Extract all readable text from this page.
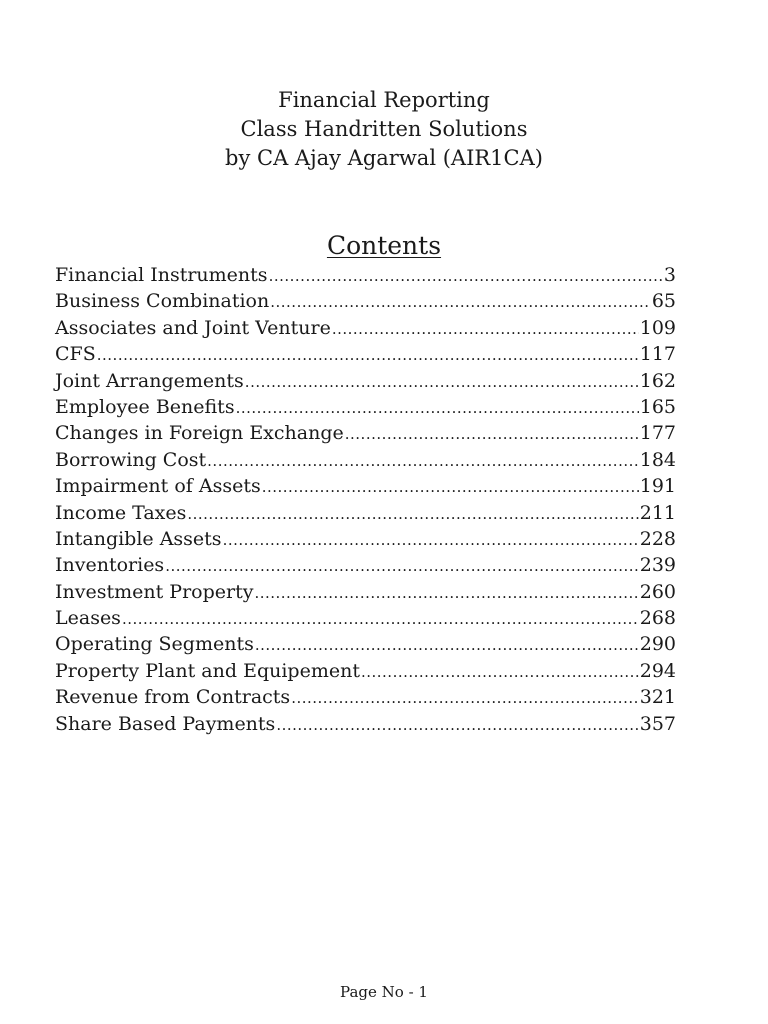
Financial Reporting
Class Handritten Solutions
by CA Ajay Agarwal (AIR1CA)
Contents
Financial Instruments .....	3
Business Combination .....	65
Associates and Joint Venture .....	109
CFS .....	117
Joint Arrangements .....	162
Employee Benefits .....	165
Changes in Foreign Exchange .....	177
Borrowing Cost .....	184
Impairment of Assets .....	191
Income Taxes .....	211
Intangible Assets .....	228
Inventories .....	239
Investment Property .....	260
Leases .....	268
Operating Segments .....	290
Property Plant and Equipement .....	294
Revenue from Contracts .....	321
Share Based Payments .....	357
Page No - 1
